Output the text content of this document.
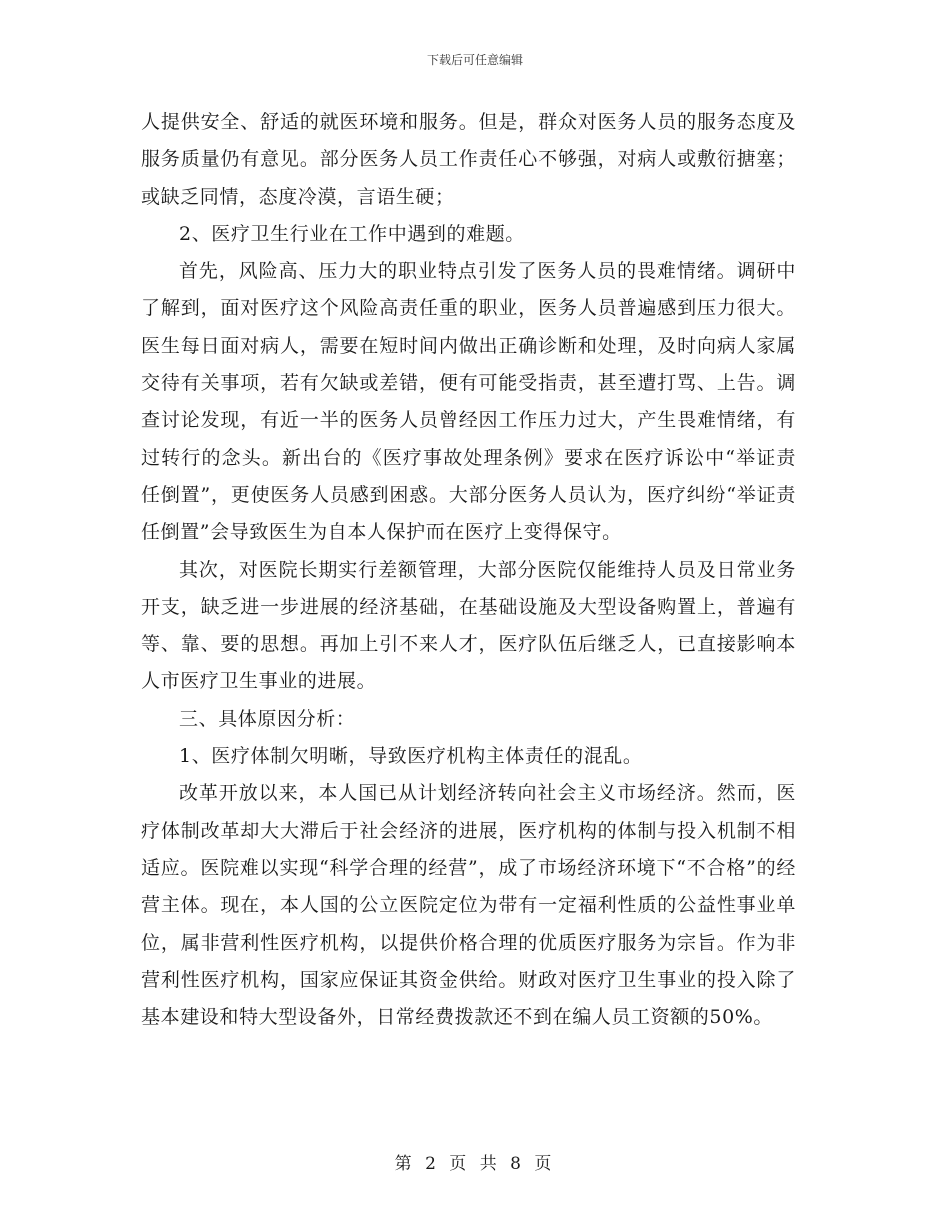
下载后可任意编辑

人提供安全、舒适的就医环境和服务。但是，群众对医务人员的服务态度及服务质量仍有意见。部分医务人员工作责任心不够强，对病人或敷衍搪塞；或缺乏同情，态度冷漠，言语生硬；

2、医疗卫生行业在工作中遇到的难题。

首先，风险高、压力大的职业特点引发了医务人员的畏难情绪。调研中了解到，面对医疗这个风险高责任重的职业，医务人员普遍感到压力很大。医生每日面对病人，需要在短时间内做出正确诊断和处理，及时向病人家属交待有关事项，若有欠缺或差错，便有可能受指责，甚至遭打骂、上告。调查讨论发现，有近一半的医务人员曾经因工作压力过大，产生畏难情绪，有过转行的念头。新出台的《医疗事故处理条例》要求在医疗诉讼中“举证责任倒置”，更使医务人员感到困惑。大部分医务人员认为，医疗纠纷“举证责任倒置”会导致医生为自本人保护而在医疗上变得保守。

其次，对医院长期实行差额管理，大部分医院仅能维持人员及日常业务开支，缺乏进一步进展的经济基础，在基础设施及大型设备购置上，普遍有等、靠、要的思想。再加上引不来人才，医疗队伍后继乏人，已直接影响本人市医疗卫生事业的进展。

三、具体原因分析：

1、医疗体制欠明晰，导致医疗机构主体责任的混乱。

改革开放以来，本人国已从计划经济转向社会主义市场经济。然而，医疗体制改革却大大滞后于社会经济的进展，医疗机构的体制与投入机制不相适应。医院难以实现“科学合理的经营”，成了市场经济环境下“不合格”的经营主体。现在，本人国的公立医院定位为带有一定福利性质的公益性事业单位，属非营利性医疗机构，以提供价格合理的优质医疗服务为宗旨。作为非营利性医疗机构，国家应保证其资金供给。财政对医疗卫生事业的投入除了基本建设和特大型设备外，日常经费拨款还不到在编人员工资额的50%。

第 2 页 共 8 页
